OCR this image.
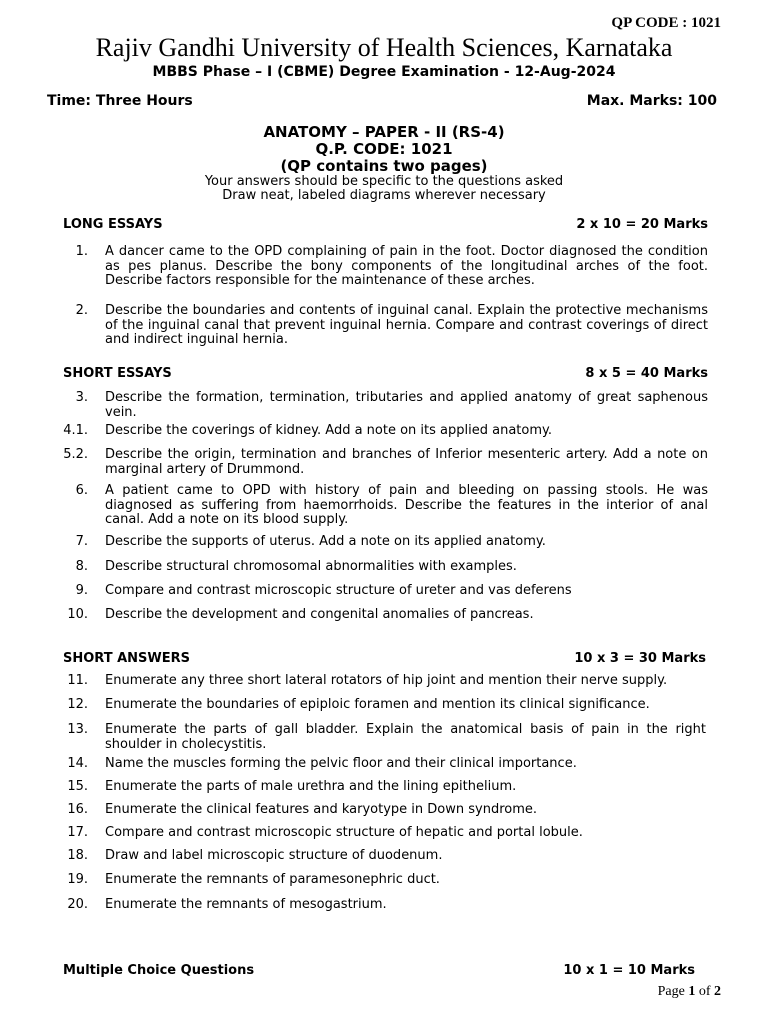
QP CODE : 1021
Rajiv Gandhi University of Health Sciences, Karnataka
MBBS Phase – I (CBME) Degree Examination - 12-Aug-2024
Time: Three Hours	Max. Marks: 100
ANATOMY – PAPER - II (RS-4)
Q.P. CODE: 1021
(QP contains two pages)
Your answers should be specific to the questions asked
Draw neat, labeled diagrams wherever necessary
LONG ESSAYS	2 x 10 = 20 Marks
1. A dancer came to the OPD complaining of pain in the foot. Doctor diagnosed the condition as pes planus. Describe the bony components of the longitudinal arches of the foot. Describe factors responsible for the maintenance of these arches.
2. Describe the boundaries and contents of inguinal canal. Explain the protective mechanisms of the inguinal canal that prevent inguinal hernia. Compare and contrast coverings of direct and indirect inguinal hernia.
SHORT ESSAYS	8 x 5 = 40 Marks
3. Describe the formation, termination, tributaries and applied anatomy of great saphenous vein.
4.1. Describe the coverings of kidney. Add a note on its applied anatomy.
5.2. Describe the origin, termination and branches of Inferior mesenteric artery. Add a note on marginal artery of Drummond.
6. A patient came to OPD with history of pain and bleeding on passing stools. He was diagnosed as suffering from haemorrhoids. Describe the features in the interior of anal canal. Add a note on its blood supply.
7. Describe the supports of uterus. Add a note on its applied anatomy.
8. Describe structural chromosomal abnormalities with examples.
9. Compare and contrast microscopic structure of ureter and vas deferens
10. Describe the development and congenital anomalies of pancreas.
SHORT ANSWERS	10 x 3 = 30 Marks
11. Enumerate any three short lateral rotators of hip joint and mention their nerve supply.
12. Enumerate the boundaries of epiploic foramen and mention its clinical significance.
13. Enumerate the parts of gall bladder. Explain the anatomical basis of pain in the right shoulder in cholecystitis.
14. Name the muscles forming the pelvic floor and their clinical importance.
15. Enumerate the parts of male urethra and the lining epithelium.
16. Enumerate the clinical features and karyotype in Down syndrome.
17. Compare and contrast microscopic structure of hepatic and portal lobule.
18. Draw and label microscopic structure of duodenum.
19. Enumerate the remnants of paramesonephric duct.
20. Enumerate the remnants of mesogastrium.
Multiple Choice Questions	10 x 1 = 10 Marks
Page 1 of 2
